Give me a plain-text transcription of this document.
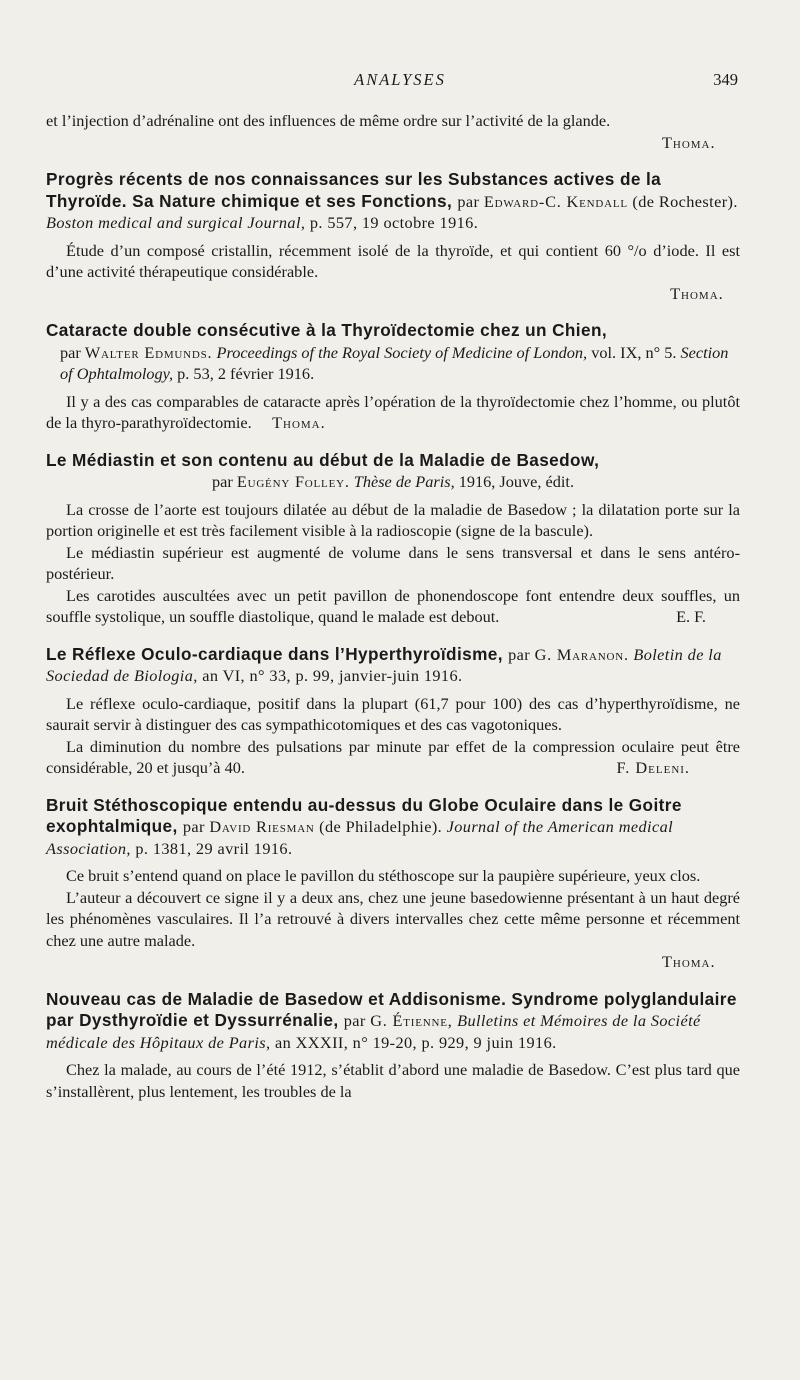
ANALYSES	349

et l’injection d’adrénaline ont des influences de même ordre sur l’activité de la glande.

Thoma.

Progrès récents de nos connaissances sur les Substances actives de la Thyroïde. Sa Nature chimique et ses Fonctions, par Edward-C. Kendall (de Rochester). Boston medical and surgical Journal, p. 557, 19 octobre 1916.

Étude d’un composé cristallin, récemment isolé de la thyroïde, et qui contient 60 °/o d’iode. Il est d’une activité thérapeutique considérable.

Thoma.

Cataracte double consécutive à la Thyroïdectomie chez un Chien,
par Walter Edmunds. Proceedings of the Royal Society of Medicine of London, vol. IX, n° 5. Section of Ophtalmology, p. 53, 2 février 1916.

Il y a des cas comparables de cataracte après l’opération de la thyroïdectomie chez l’homme, ou plutôt de la thyro-parathyroïdectomie. Thoma.

Le Médiastin et son contenu au début de la Maladie de Basedow,
par Eugény Folley. Thèse de Paris, 1916, Jouve, édit.

La crosse de l’aorte est toujours dilatée au début de la maladie de Basedow ; la dilatation porte sur la portion originelle et est très facilement visible à la radioscopie (signe de la bascule).

Le médiastin supérieur est augmenté de volume dans le sens transversal et dans le sens antéro-postérieur.

Les carotides auscultées avec un petit pavillon de phonendoscope font entendre deux souffles, un souffle systolique, un souffle diastolique, quand le malade est debout.	E. F.

Le Réflexe Oculo-cardiaque dans l’Hyperthyroïdisme, par G. Maranon. Boletin de la Sociedad de Biologia, an VI, n° 33, p. 99, janvier-juin 1916.

Le réflexe oculo-cardiaque, positif dans la plupart (61,7 pour 100) des cas d’hyperthyroïdisme, ne saurait servir à distinguer des cas sympathicotomiques et des cas vagotoniques.

La diminution du nombre des pulsations par minute par effet de la compression oculaire peut être considérable, 20 et jusqu’à 40.	F. Deleni.

Bruit Stéthoscopique entendu au-dessus du Globe Oculaire dans le Goitre exophtalmique, par David Riesman (de Philadelphie). Journal of the American medical Association, p. 1381, 29 avril 1916.

Ce bruit s’entend quand on place le pavillon du stéthoscope sur la paupière supérieure, yeux clos.

L’auteur a découvert ce signe il y a deux ans, chez une jeune basedowienne présentant à un haut degré les phénomènes vasculaires. Il l’a retrouvé à divers intervalles chez cette même personne et récemment chez une autre malade.

Thoma.

Nouveau cas de Maladie de Basedow et Addisonisme. Syndrome polyglandulaire par Dysthyroïdie et Dyssurrénalie, par G. Étienne, Bulletins et Mémoires de la Société médicale des Hôpitaux de Paris, an XXXII, n° 19-20, p. 929, 9 juin 1916.

Chez la malade, au cours de l’été 1912, s’établit d’abord une maladie de Basedow. C’est plus tard que s’installèrent, plus lentement, les troubles de la
